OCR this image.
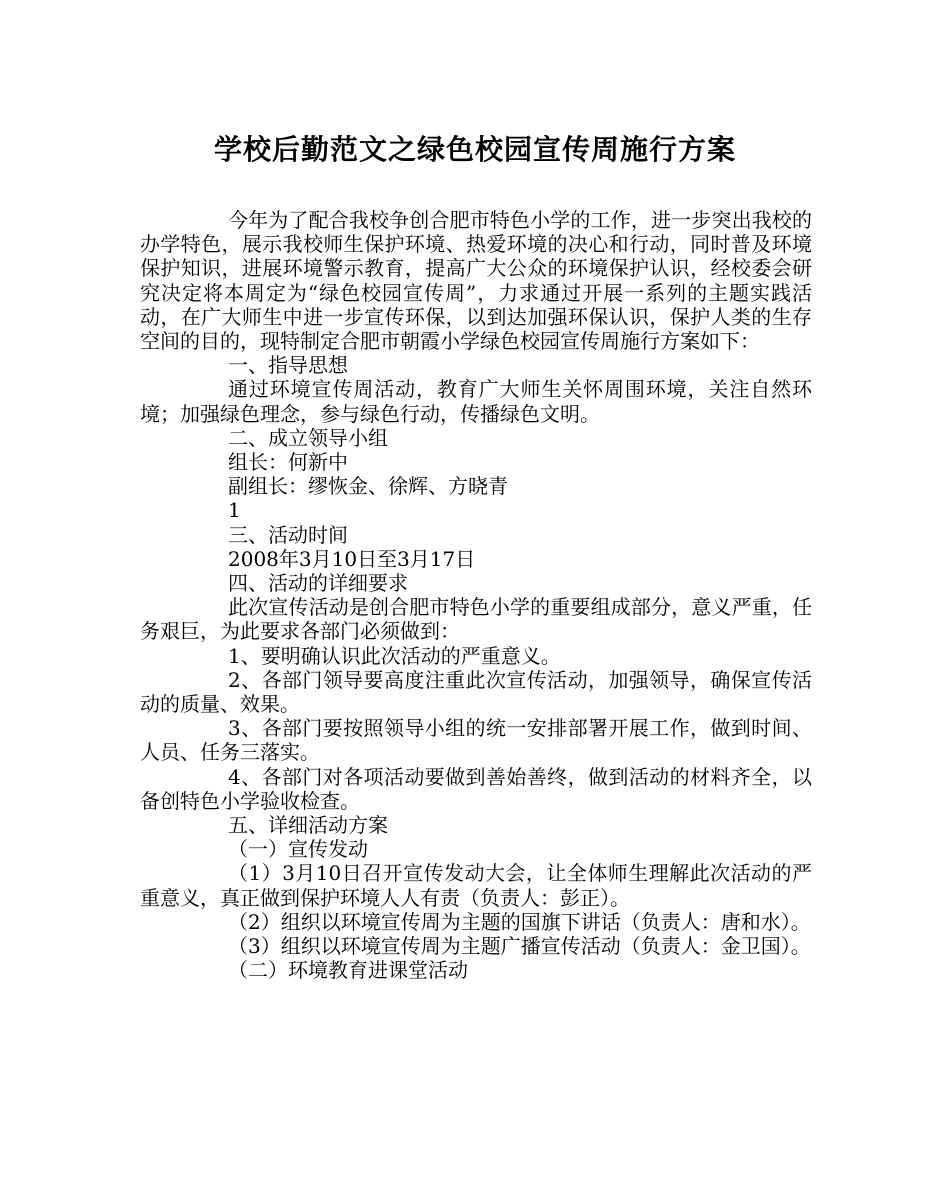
学校后勤范文之绿色校园宣传周施行方案

今年为了配合我校争创合肥市特色小学的工作，进一步突出我校的办学特色，展示我校师生保护环境、热爱环境的决心和行动，同时普及环境保护知识，进展环境警示教育，提高广大公众的环境保护认识，经校委会研究决定将本周定为“绿色校园宣传周”，力求通过开展一系列的主题实践活动，在广大师生中进一步宣传环保，以到达加强环保认识，保护人类的生存空间的目的，现特制定合肥市朝霞小学绿色校园宣传周施行方案如下：

一、指导思想

通过环境宣传周活动，教育广大师生关怀周围环境，关注自然环境；加强绿色理念，参与绿色行动，传播绿色文明。

二、成立领导小组

组长：何新中

副组长：缪恢金、徐辉、方晓青

1

三、活动时间

2008年3月10日至3月17日

四、活动的详细要求

此次宣传活动是创合肥市特色小学的重要组成部分，意义严重，任务艰巨，为此要求各部门必须做到：

1、要明确认识此次活动的严重意义。

2、各部门领导要高度注重此次宣传活动，加强领导，确保宣传活动的质量、效果。

3、各部门要按照领导小组的统一安排部署开展工作，做到时间、人员、任务三落实。

4、各部门对各项活动要做到善始善终，做到活动的材料齐全，以备创特色小学验收检查。

五、详细活动方案

（一）宣传发动

（1）3月10日召开宣传发动大会，让全体师生理解此次活动的严重意义，真正做到保护环境人人有责（负责人：彭正）。

（2）组织以环境宣传周为主题的国旗下讲话（负责人：唐和水）。

（3）组织以环境宣传周为主题广播宣传活动（负责人：金卫国）。

（二）环境教育进课堂活动
